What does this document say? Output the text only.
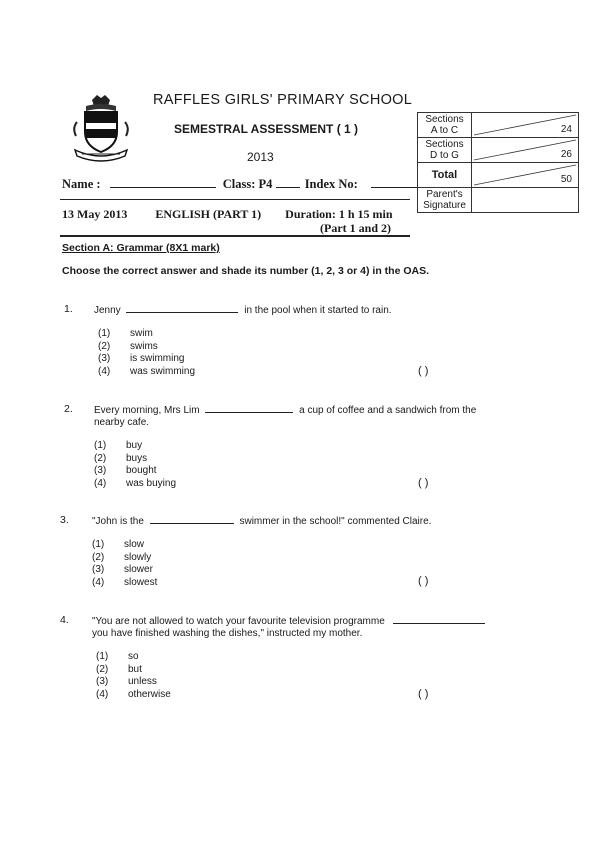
RAFFLES GIRLS' PRIMARY SCHOOL
SEMESTRAL ASSESSMENT ( 1 )
2013
Name :	Class: P4	Index No:
13 May 2013 ENGLISH (PART 1) Duration: 1 h 15 min
(Part 1 and 2)
Sections
A to C	24

Sections
D to G	26

Total	50

Parent's
Signature	
Section A: Grammar (8X1 mark)
Choose the correct answer and shade its number (1, 2, 3 or 4) in the OAS.
1. Jenny	in the pool when it started to rain.
(1)	swim
(2)	swims
(3)	is swimming
(4)	was swimming	( )
2. Every morning, Mrs Lim	a cup of coffee and a sandwich from the
nearby cafe.
(1)	buy
(2)	buys
(3)	bought
(4)	was buying	( )
3. "John is the	swimmer in the school!" commented Claire.
(1)	slow
(2)	slowly
(3)	slower
(4)	slowest	( )
4. "You are not allowed to watch your favourite television programme
you have finished washing the dishes," instructed my mother.
(1)	so
(2)	but
(3)	unless
(4)	otherwise	( )
